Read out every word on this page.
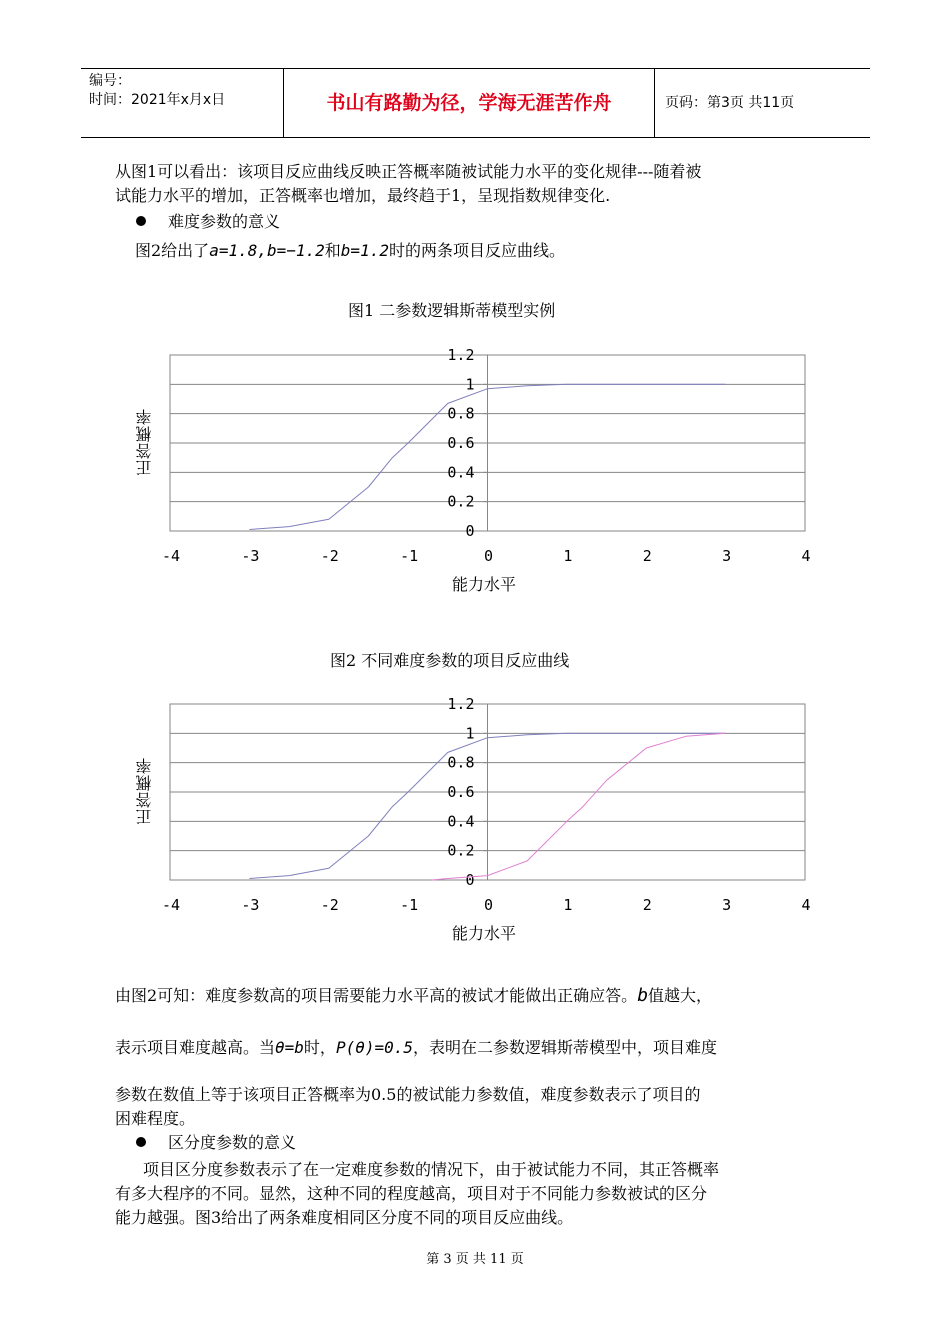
编号：
时间：2021年x月x日	书山有路勤为径，学海无涯苦作舟	页码：第3页 共11页
从图1可以看出：该项目反应曲线反映正答概率随被试能力水平的变化规律---随着被
试能力水平的增加，正答概率也增加，最终趋于1，呈现指数规律变化.
难度参数的意义
图2给出了a=1.8,b=−1.2和b=1.2时的两条项目反应曲线。
图1 二参数逻辑斯蒂模型实例
正答概率
能力水平
0
0.2
0.4
0.6
0.8
1
1.2
-4	-3	-2	-1	0	1	2	3	4
图2 不同难度参数的项目反应曲线
正答概率
能力水平
0
0.2
0.4
0.6
0.8
1
1.2
-4	-3	-2	-1	0	1	2	3	4
由图2可知：难度参数高的项目需要能力水平高的被试才能做出正确应答。b值越大，
表示项目难度越高。当θ=b时，P(θ)=0.5，表明在二参数逻辑斯蒂模型中，项目难度
参数在数值上等于该项目正答概率为0.5的被试能力参数值，难度参数表示了项目的
困难程度。
区分度参数的意义
项目区分度参数表示了在一定难度参数的情况下，由于被试能力不同，其正答概率
有多大程序的不同。显然，这种不同的程度越高，项目对于不同能力参数被试的区分
能力越强。图3给出了两条难度相同区分度不同的项目反应曲线。
第 3 页 共 11 页
